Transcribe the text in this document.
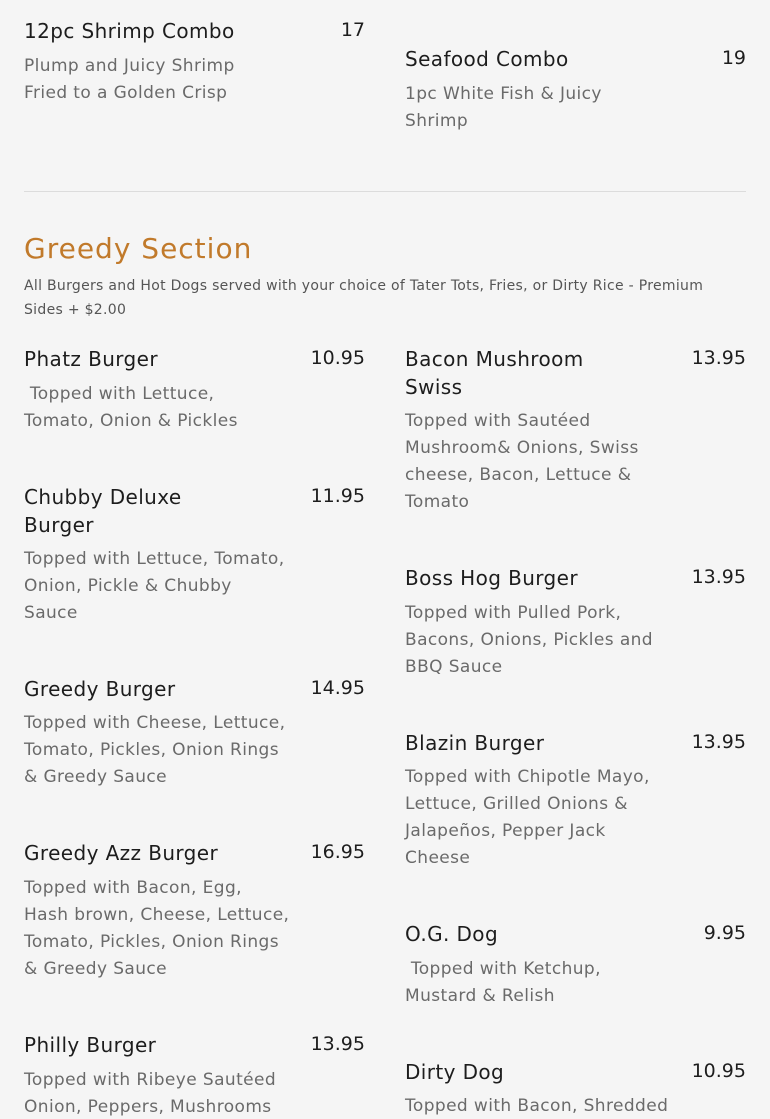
12pc Shrimp Combo	17
Plump and Juicy Shrimp
Fried to a Golden Crisp
Seafood Combo	19
1pc White Fish & Juicy
Shrimp
Greedy Section
All Burgers and Hot Dogs served with your choice of Tater Tots, Fries, or Dirty Rice - Premium Sides + $2.00
Phatz Burger	10.95
Topped with Lettuce,
Tomato, Onion & Pickles
Chubby Deluxe
Burger
11.95
Topped with Lettuce, Tomato,
Onion, Pickle & Chubby
Sauce
Greedy Burger	14.95
Topped with Cheese, Lettuce,
Tomato, Pickles, Onion Rings
& Greedy Sauce
Greedy Azz Burger	16.95
Topped with Bacon, Egg,
Hash brown, Cheese, Lettuce,
Tomato, Pickles, Onion Rings
& Greedy Sauce
Philly Burger	13.95
Topped with Ribeye Sautéed
Onion, Peppers, Mushrooms
Bacon Mushroom
Swiss
13.95
Topped with Sautéed
Mushroom& Onions, Swiss
cheese, Bacon, Lettuce &
Tomato
Boss Hog Burger	13.95
Topped with Pulled Pork,
Bacons, Onions, Pickles and
BBQ Sauce
Blazin Burger	13.95
Topped with Chipotle Mayo,
Lettuce, Grilled Onions &
Jalapeños, Pepper Jack
Cheese
O.G. Dog	9.95
Topped with Ketchup,
Mustard & Relish
Dirty Dog	10.95
Topped with Bacon, Shredded
